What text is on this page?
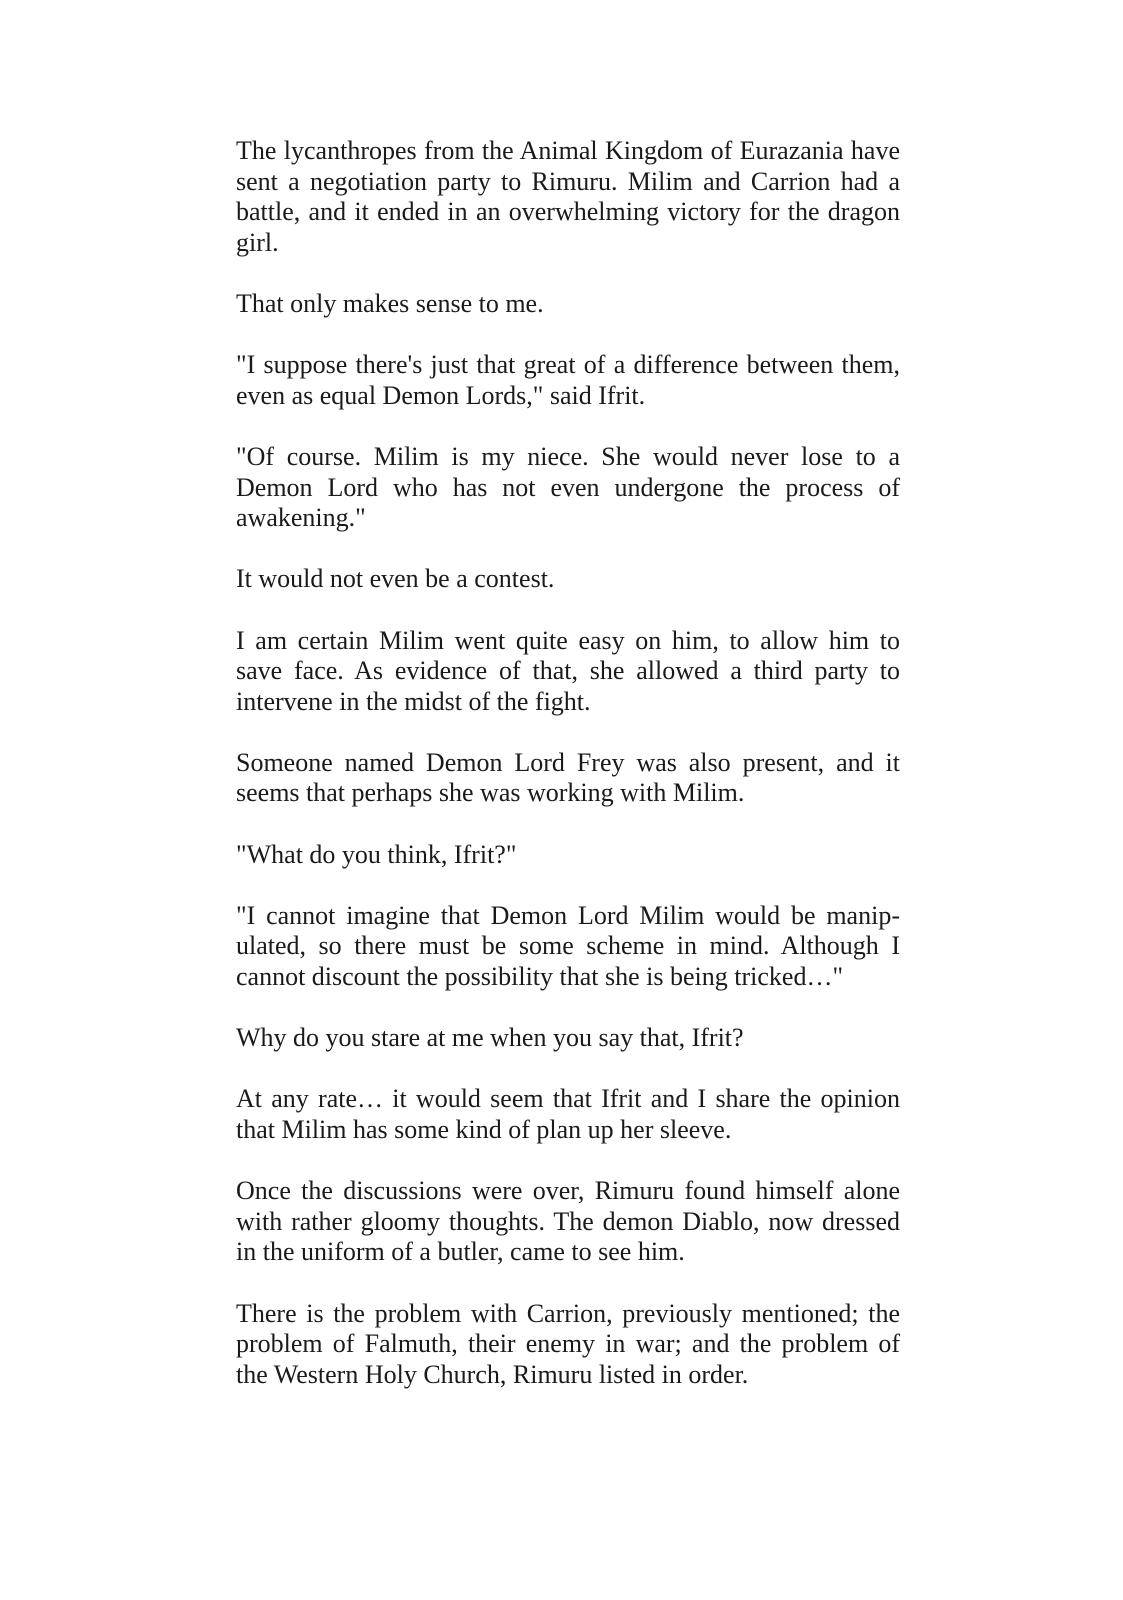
The lycanthropes from the Animal Kingdom of Eurazania have sent a negotiation party to Rimuru. Milim and Carrion had a battle, and it ended in an overwhelming victory for the dragon girl.

That only makes sense to me.

"I suppose there's just that great of a difference between them, even as equal Demon Lords," said Ifrit.

"Of course. Milim is my niece. She would never lose to a Demon Lord who has not even undergone the process of awakening."

It would not even be a contest.

I am certain Milim went quite easy on him, to allow him to save face. As evidence of that, she allowed a third party to intervene in the midst of the fight.

Someone named Demon Lord Frey was also present, and it seems that perhaps she was working with Milim.

"What do you think, Ifrit?"

"I cannot imagine that Demon Lord Milim would be manipulated, so there must be some scheme in mind. Although I cannot discount the possibility that she is being tricked…"

Why do you stare at me when you say that, Ifrit?

At any rate… it would seem that Ifrit and I share the opinion that Milim has some kind of plan up her sleeve.

Once the discussions were over, Rimuru found himself alone with rather gloomy thoughts. The demon Diablo, now dressed in the uniform of a butler, came to see him.

There is the problem with Carrion, previously mentioned; the problem of Falmuth, their enemy in war; and the problem of the Western Holy Church, Rimuru listed in order.
